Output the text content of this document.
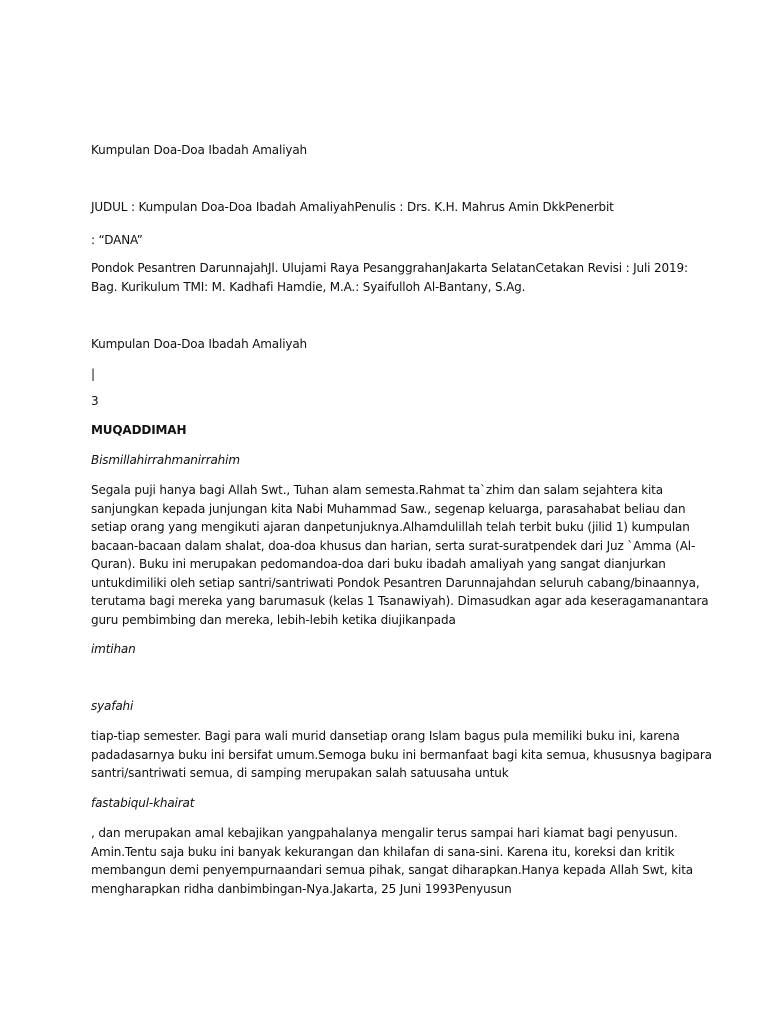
Kumpulan Doa-Doa Ibadah Amaliyah
JUDUL : Kumpulan Doa-Doa Ibadah AmaliyahPenulis : Drs. K.H. Mahrus Amin DkkPenerbit
: “DANA”
Pondok Pesantren DarunnajahJl. Ulujami Raya PesanggrahanJakarta SelatanCetakan Revisi : Juli 2019:
Bag. Kurikulum TMI: M. Kadhafi Hamdie, M.A.: Syaifulloh Al-Bantany, S.Ag.
Kumpulan Doa-Doa Ibadah Amaliyah
|
3
MUQADDIMAH
Bismillahirrahmanirrahim
Segala puji hanya bagi Allah Swt., Tuhan alam semesta.Rahmat ta`zhim dan salam sejahtera kita
sanjungkan kepada junjungan kita Nabi Muhammad Saw., segenap keluarga, parasahabat beliau dan
setiap orang yang mengikuti ajaran danpetunjuknya.Alhamdulillah telah terbit buku (jilid 1) kumpulan
bacaan-bacaan dalam shalat, doa-doa khusus dan harian, serta surat-suratpendek dari Juz `Amma (Al-
Quran). Buku ini merupakan pedomandoa-doa dari buku ibadah amaliyah yang sangat dianjurkan
untukdimiliki oleh setiap santri/santriwati Pondok Pesantren Darunnajahdan seluruh cabang/binaannya,
terutama bagi mereka yang barumasuk (kelas 1 Tsanawiyah). Dimasudkan agar ada keseragamanantara
guru pembimbing dan mereka, lebih-lebih ketika diujikanpada
imtihan
syafahi
tiap-tiap semester. Bagi para wali murid dansetiap orang Islam bagus pula memiliki buku ini, karena
padadasarnya buku ini bersifat umum.Semoga buku ini bermanfaat bagi kita semua, khususnya bagipara
santri/santriwati semua, di samping merupakan salah satuusaha untuk
fastabiqul-khairat
, dan merupakan amal kebajikan yangpahalanya mengalir terus sampai hari kiamat bagi penyusun.
Amin.Tentu saja buku ini banyak kekurangan dan khilafan di sana-sini. Karena itu, koreksi dan kritik
membangun demi penyempurnaandari semua pihak, sangat diharapkan.Hanya kepada Allah Swt, kita
mengharapkan ridha danbimbingan-Nya.Jakarta, 25 Juni 1993Penyusun
